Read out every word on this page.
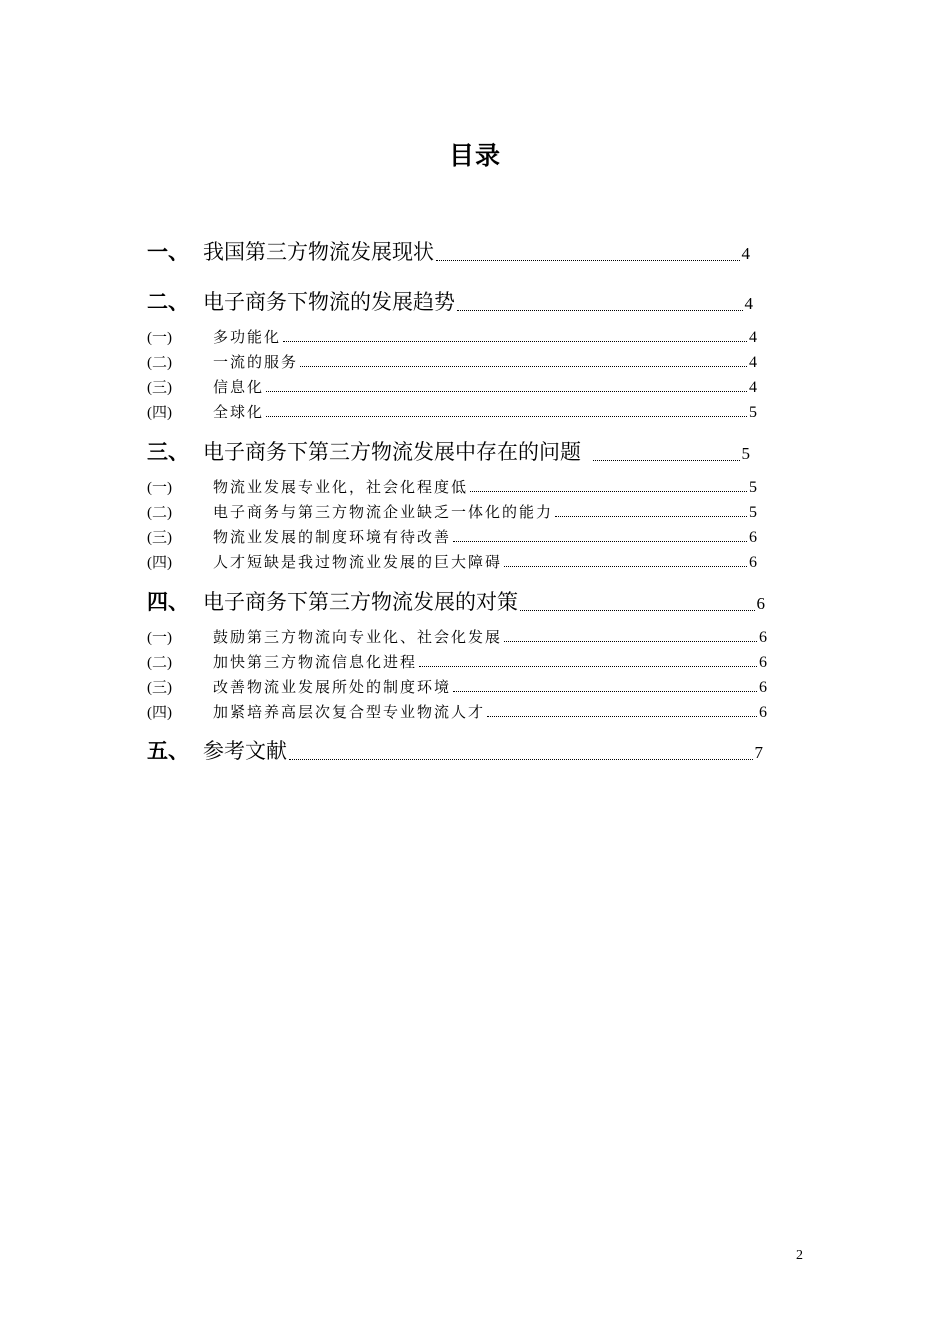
目录
一、 我国第三方物流发展现状	4
二、 电子商务下物流的发展趋势	4
(一)	多功能化	4
(二)	一流的服务	4
(三)	信息化	4
(四)	全球化	5
三、 电子商务下第三方物流发展中存在的问题	5
(一)	物流业发展专业化，社会化程度低	5
(二)	电子商务与第三方物流企业缺乏一体化的能力	5
(三)	物流业发展的制度环境有待改善	6
(四)	人才短缺是我过物流业发展的巨大障碍	6
四、 电子商务下第三方物流发展的对策	6
(一)	鼓励第三方物流向专业化、社会化发展	6
(二)	加快第三方物流信息化进程	6
(三)	改善物流业发展所处的制度环境	6
(四)	加紧培养高层次复合型专业物流人才	6
五、 参考文献	7
2
